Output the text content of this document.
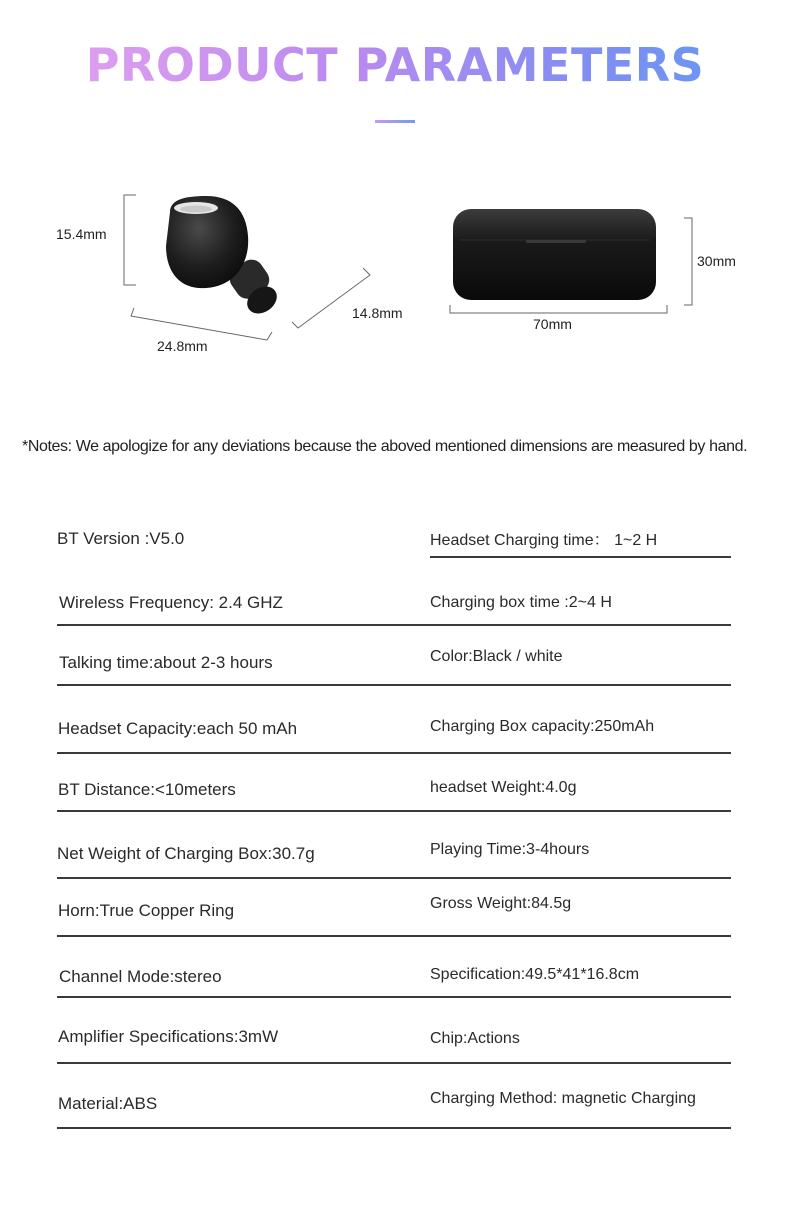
PRODUCT PARAMETERS
15.4mm
14.8mm
24.8mm
30mm
70mm
*Notes: We apologize for any deviations because the aboved mentioned dimensions are measured by hand.
BT Version :V5.0	Headset Charging time： 1~2 H
Wireless Frequency: 2.4 GHZ	Charging box time :2~4 H
Talking time:about 2-3 hours	Color:Black / white
Headset Capacity:each 50 mAh	Charging Box capacity:250mAh
BT Distance:<10meters	headset Weight:4.0g
Net Weight of Charging Box:30.7g	Playing Time:3-4hours
Horn:True Copper Ring	Gross Weight:84.5g
Channel Mode:stereo	Specification:49.5*41*16.8cm
Amplifier Specifications:3mW	Chip:Actions
Material:ABS	Charging Method: magnetic Charging
